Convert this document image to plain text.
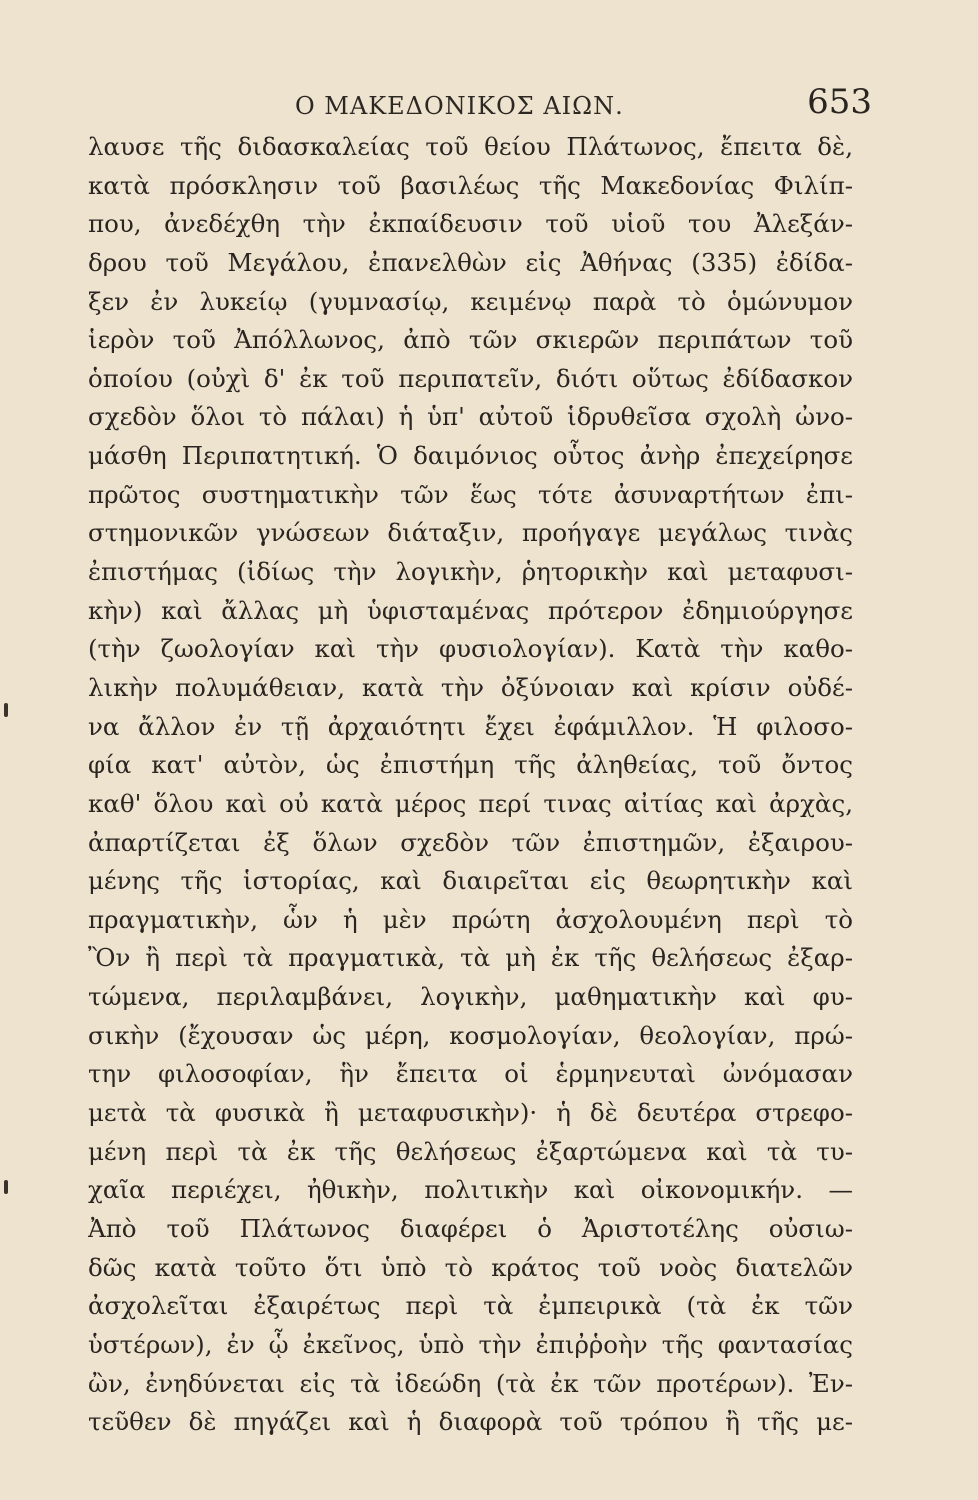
Ο ΜΑΚΕΔΟΝΙΚΟΣ ΑΙΩΝ.	653
λαυσε τῆς διδασκαλείας τοῦ θείου Πλάτωνος, ἔπειτα δὲ,
κατὰ πρόσκλησιν τοῦ βασιλέως τῆς Μακεδονίας Φιλίπ-
που, ἀνεδέχθη τὴν ἐκπαίδευσιν τοῦ υἱοῦ του Ἀλεξάν-
δρου τοῦ Μεγάλου, ἐπανελθὼν εἰς Ἀθήνας (335) ἐδίδα-
ξεν ἐν λυκείῳ (γυμνασίῳ, κειμένῳ παρὰ τὸ ὁμώνυμον
ἱερὸν τοῦ Ἀπόλλωνος, ἀπὸ τῶν σκιερῶν περιπάτων τοῦ
ὁποίου (οὐχὶ δ' ἐκ τοῦ περιπατεῖν, διότι οὕτως ἐδίδασκον
σχεδὸν ὅλοι τὸ πάλαι) ἡ ὑπ' αὐτοῦ ἱδρυθεῖσα σχολὴ ὠνο-
μάσθη Περιπατητική. Ὁ δαιμόνιος οὗτος ἀνὴρ ἐπεχείρησε
πρῶτος συστηματικὴν τῶν ἕως τότε ἀσυναρτήτων ἐπι-
στημονικῶν γνώσεων διάταξιν, προήγαγε μεγάλως τινὰς
ἐπιστήμας (ἰδίως τὴν λογικὴν, ῥητορικὴν καὶ μεταφυσι-
κὴν) καὶ ἄλλας μὴ ὑφισταμένας πρότερον ἐδημιούργησε
(τὴν ζωολογίαν καὶ τὴν φυσιολογίαν). Κατὰ τὴν καθο-
λικὴν πολυμάθειαν, κατὰ τὴν ὀξύνοιαν καὶ κρίσιν οὐδέ-
να ἄλλον ἐν τῇ ἀρχαιότητι ἔχει ἐφάμιλλον. Ἡ φιλοσο-
φία κατ' αὐτὸν, ὡς ἐπιστήμη τῆς ἀληθείας, τοῦ ὄντος
καθ' ὅλου καὶ οὐ κατὰ μέρος περί τινας αἰτίας καὶ ἀρχὰς,
ἀπαρτίζεται ἐξ ὅλων σχεδὸν τῶν ἐπιστημῶν, ἐξαιρου-
μένης τῆς ἱστορίας, καὶ διαιρεῖται εἰς θεωρητικὴν καὶ
πραγματικὴν, ὧν ἡ μὲν πρώτη ἀσχολουμένη περὶ τὸ
Ὂν ἢ περὶ τὰ πραγματικὰ, τὰ μὴ ἐκ τῆς θελήσεως ἐξαρ-
τώμενα, περιλαμβάνει, λογικὴν, μαθηματικὴν καὶ φυ-
σικὴν (ἔχουσαν ὡς μέρη, κοσμολογίαν, θεολογίαν, πρώ-
την φιλοσοφίαν, ἣν ἔπειτα οἱ ἑρμηνευταὶ ὠνόμασαν
μετὰ τὰ φυσικὰ ἢ μεταφυσικὴν)· ἡ δὲ δευτέρα στρεφο-
μένη περὶ τὰ ἐκ τῆς θελήσεως ἐξαρτώμενα καὶ τὰ τυ-
χαῖα περιέχει, ἠθικὴν, πολιτικὴν καὶ οἰκονομικήν. —
Ἀπὸ τοῦ Πλάτωνος διαφέρει ὁ Ἀριστοτέλης οὐσιω-
δῶς κατὰ τοῦτο ὅτι ὑπὸ τὸ κράτος τοῦ νοὸς διατελῶν
ἀσχολεῖται ἐξαιρέτως περὶ τὰ ἐμπειρικὰ (τὰ ἐκ τῶν
ὑστέρων), ἐν ᾧ ἐκεῖνος, ὑπὸ τὴν ἐπιῤῥοὴν τῆς φαντασίας
ὢν, ἐνηδύνεται εἰς τὰ ἰδεώδη (τὰ ἐκ τῶν προτέρων). Ἐν-
τεῦθεν δὲ πηγάζει καὶ ἡ διαφορὰ τοῦ τρόπου ἢ τῆς με-
